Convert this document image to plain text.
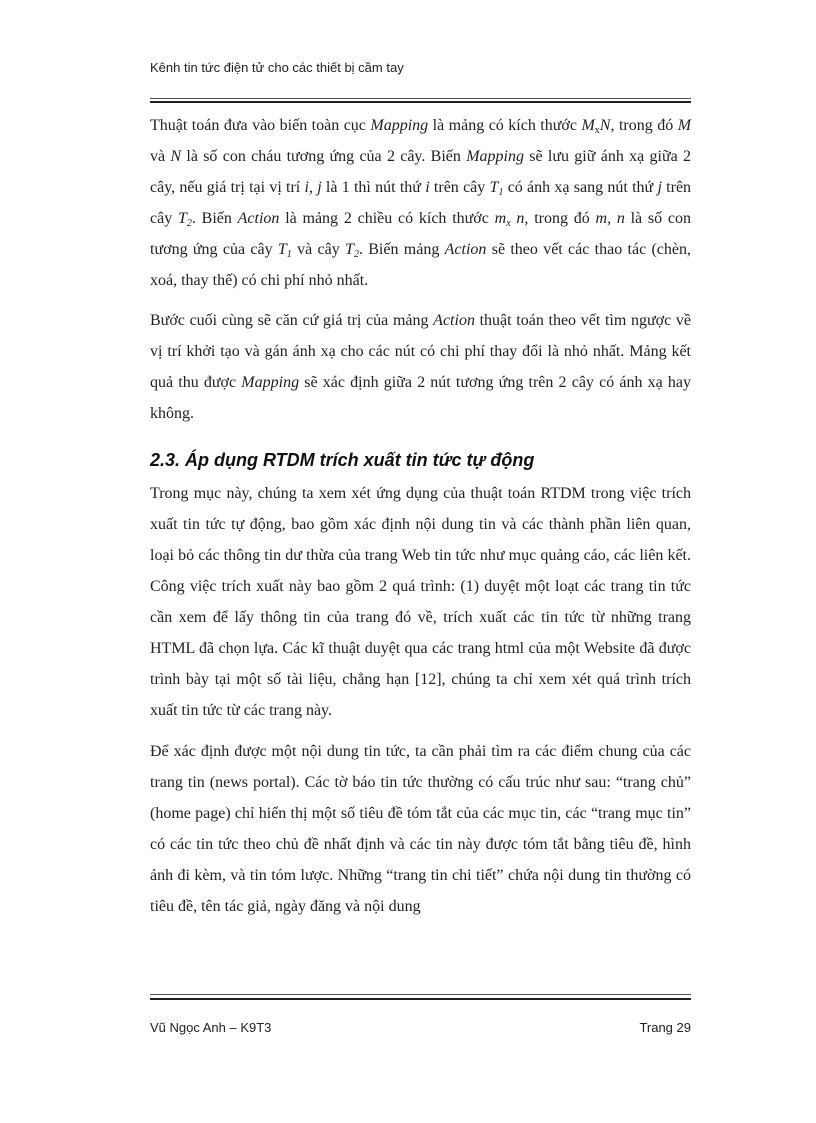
Kênh tin tức điện tử cho các thiết bị cầm tay

Thuật toán đưa vào biến toàn cục Mapping là mảng có kích thước $M_xN$, trong đó M và N là số con cháu tương ứng của 2 cây. Biến Mapping sẽ lưu giữ ánh xạ giữa 2 cây, nếu giá trị tại vị trí i, j là 1 thì nút thứ i trên cây $T_1$ có ánh xạ sang nút thứ j trên cây $T_2$. Biến Action là mảng 2 chiều có kích thước $m_x$ n, trong đó m, n là số con tương ứng của cây $T_1$ và cây $T_2$. Biến mảng Action sẽ theo vết các thao tác (chèn, xoá, thay thế) có chi phí nhỏ nhất.

Bước cuối cùng sẽ căn cứ giá trị của mảng Action thuật toán theo vết tìm ngược về vị trí khởi tạo và gán ánh xạ cho các nút có chi phí thay đổi là nhỏ nhất. Mảng kết quả thu được Mapping sẽ xác định giữa 2 nút tương ứng trên 2 cây có ánh xạ hay không.

2.3. Áp dụng RTDM trích xuất tin tức tự động

Trong mục này, chúng ta xem xét ứng dụng của thuật toán RTDM trong việc trích xuất tin tức tự động, bao gồm xác định nội dung tin và các thành phần liên quan, loại bỏ các thông tin dư thừa của trang Web tin tức như mục quảng cáo, các liên kết. Công việc trích xuất này bao gồm 2 quá trình: (1) duyệt một loạt các trang tin tức cần xem để lấy thông tin của trang đó về, trích xuất các tin tức từ những trang HTML đã chọn lựa. Các kĩ thuật duyệt qua các trang html của một Website đã được trình bày tại một số tài liệu, chẳng hạn [12], chúng ta chỉ xem xét quá trình trích xuất tin tức từ các trang này.

Để xác định được một nội dung tin tức, ta cần phải tìm ra các điểm chung của các trang tin (news portal). Các tờ báo tin tức thường có cấu trúc như sau: “trang chủ” (home page) chỉ hiển thị một số tiêu đề tóm tắt của các mục tin, các “trang mục tin” có các tin tức theo chủ đề nhất định và các tin này được tóm tắt bằng tiêu đề, hình ảnh đi kèm, và tin tóm lược. Những “trang tin chi tiết” chứa nội dung tin thường có tiêu đề, tên tác giả, ngày đăng và nội dung

Vũ Ngọc Anh – K9T3	Trang 29
